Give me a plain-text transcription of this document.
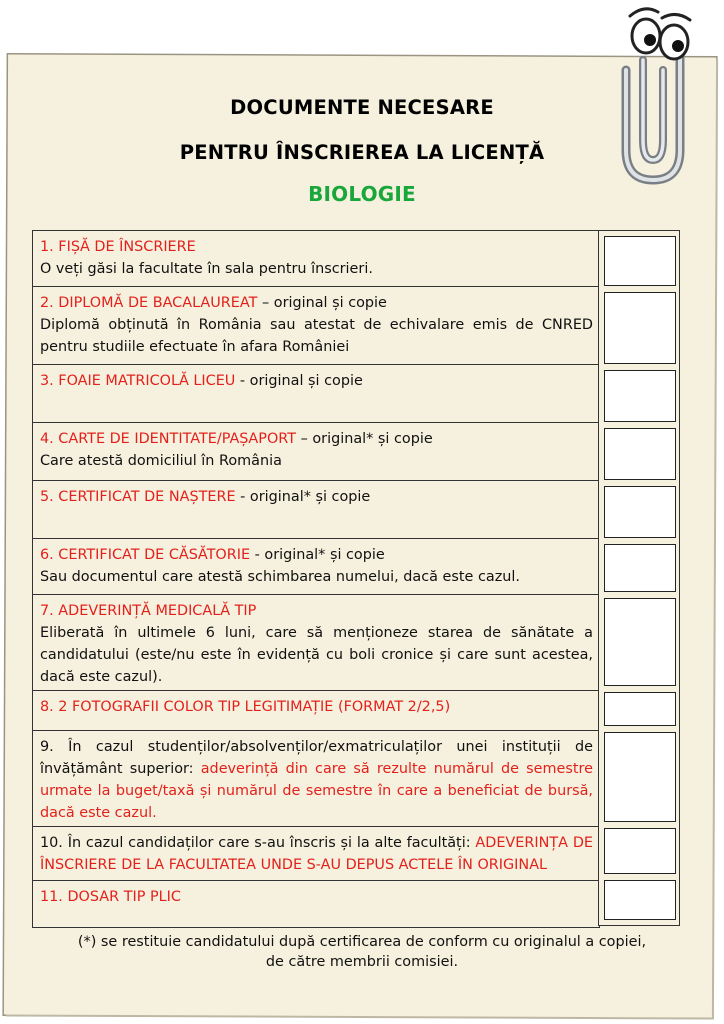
DOCUMENTE NECESARE
PENTRU ÎNSCRIEREA LA LICENȚĂ
BIOLOGIE
1. FIȘĂ DE ÎNSCRIERE
O veți găsi la facultate în sala pentru înscrieri.
2. DIPLOMĂ DE BACALAUREAT – original și copie
Diplomă obținută în România sau atestat de echivalare emis de CNRED pentru studiile efectuate în afara României
3. FOAIE MATRICOLĂ LICEU - original și copie
4. CARTE DE IDENTITATE/PAȘAPORT – original* și copie
Care atestă domiciliul în România
5. CERTIFICAT DE NAȘTERE - original* și copie
6. CERTIFICAT DE CĂSĂTORIE - original* și copie
Sau documentul care atestă schimbarea numelui, dacă este cazul.
7. ADEVERINȚĂ MEDICALĂ TIP
Eliberată în ultimele 6 luni, care să menționeze starea de sănătate a candidatului (este/nu este în evidență cu boli cronice și care sunt acestea, dacă este cazul).
8. 2 FOTOGRAFII COLOR TIP LEGITIMAȚIE (FORMAT 2/2,5)
9. În cazul studenților/absolvenților/exmatriculaților unei instituții de învățământ superior: adeverință din care să rezulte numărul de semestre urmate la buget/taxă și numărul de semestre în care a beneficiat de bursă, dacă este cazul.
10. În cazul candidaților care s-au înscris și la alte facultăți: ADEVERINȚA DE ÎNSCRIERE DE LA FACULTATEA UNDE S-AU DEPUS ACTELE ÎN ORIGINAL
11. DOSAR TIP PLIC
(*) se restituie candidatului după certificarea de conform cu originalul a copiei,
de către membrii comisiei.
